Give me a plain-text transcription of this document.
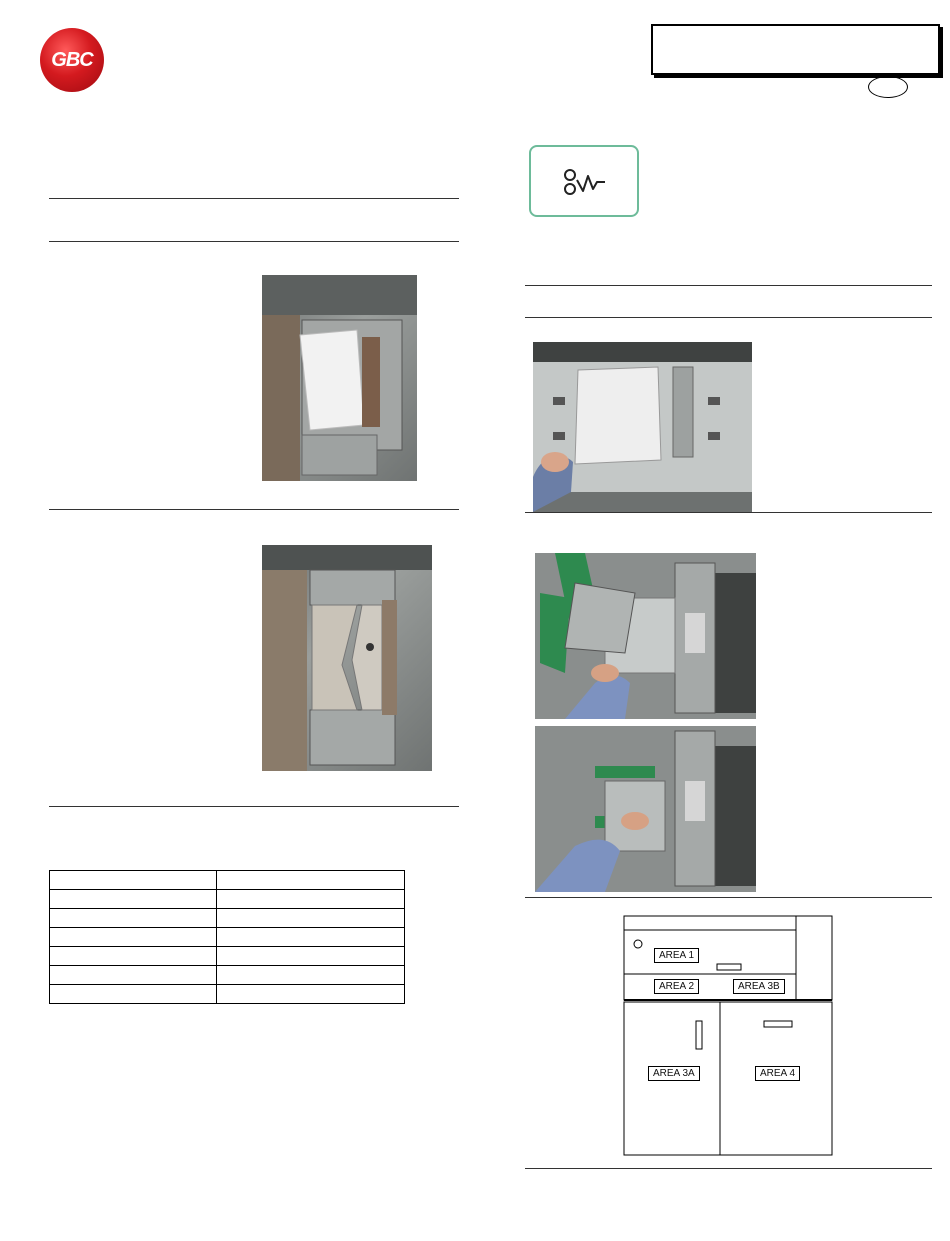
GBC

AREA 1
AREA 2	AREA 3B
AREA 3A	AREA 4
